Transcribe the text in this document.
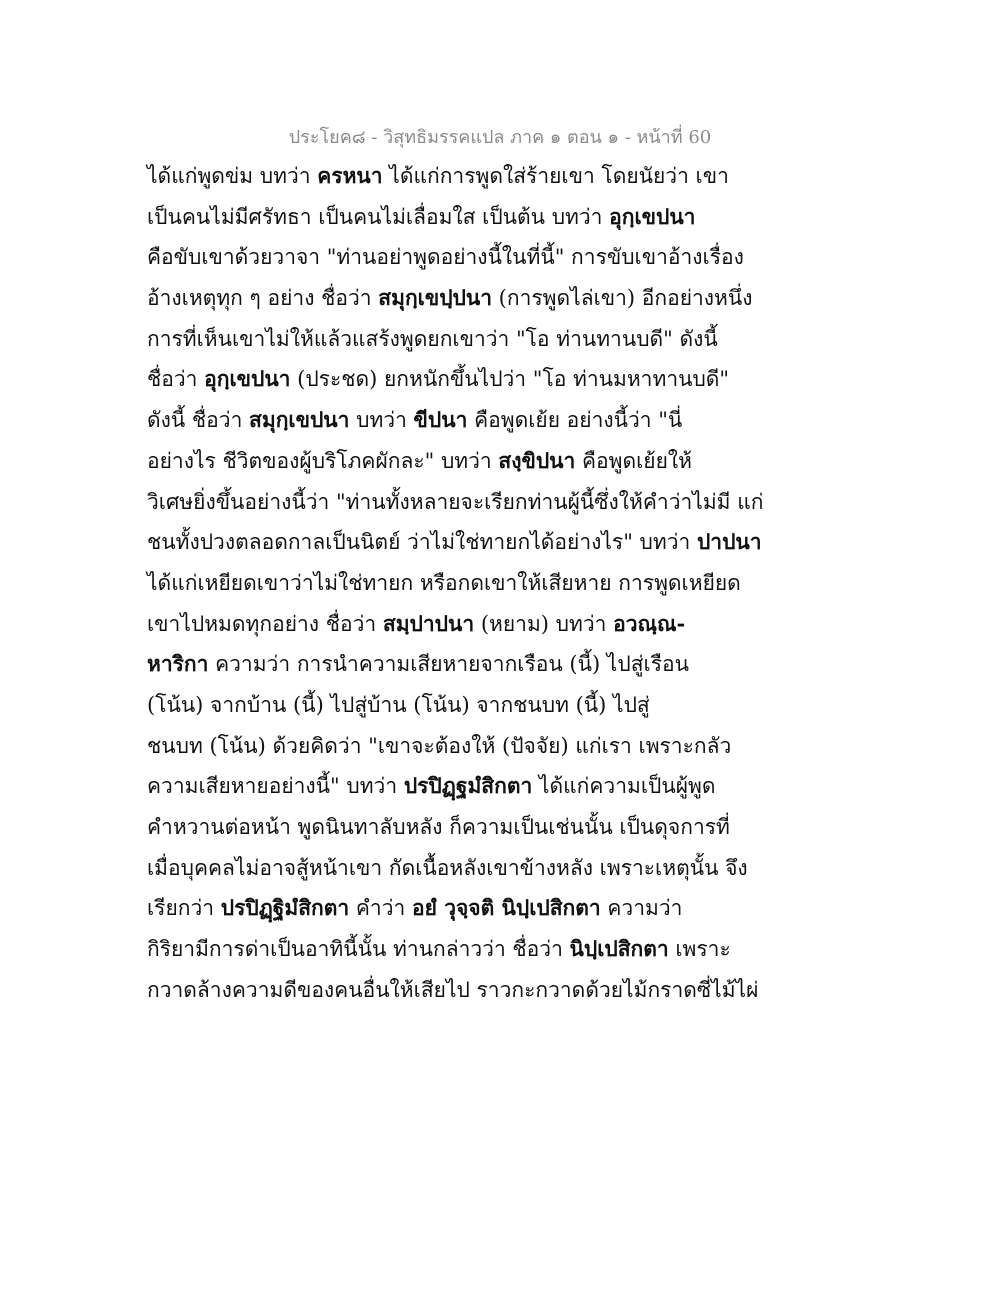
ประโยค๘ - วิสุทธิมรรคแปล ภาค ๑ ตอน ๑ - หน้าที่ 60
ได้แก่พูดข่ม บทว่า ครหนา ได้แก่การพูดใส่ร้ายเขา โดยนัยว่า เขา
เป็นคนไม่มีศรัทธา เป็นคนไม่เลื่อมใส เป็นต้น บทว่า อุกฺเขปนา
คือขับเขาด้วยวาจา "ท่านอย่าพูดอย่างนี้ในที่นี้" การขับเขาอ้างเรื่อง
อ้างเหตุทุก ๆ อย่าง ชื่อว่า สมุกฺเขปฺปนา (การพูดไล่เขา) อีกอย่างหนึ่ง
การที่เห็นเขาไม่ให้แล้วแสร้งพูดยกเขาว่า "โอ ท่านทานบดี" ดังนี้
ชื่อว่า อุกฺเขปนา (ประชด) ยกหนักขึ้นไปว่า "โอ ท่านมหาทานบดี"
ดังนี้ ชื่อว่า สมุกฺเขปนา บทว่า ขีปนา คือพูดเย้ย อย่างนี้ว่า "นี่
อย่างไร ชีวิตของผู้บริโภคผักละ" บทว่า สงฺขิปนา คือพูดเย้ยให้
วิเศษยิ่งขึ้นอย่างนี้ว่า "ท่านทั้งหลายจะเรียกท่านผู้นี้ซึ่งให้คำว่าไม่มี แก่
ชนทั้งปวงตลอดกาลเป็นนิตย์ ว่าไม่ใช่ทายกได้อย่างไร" บทว่า ปาปนา
ได้แก่เหยียดเขาว่าไม่ใช่ทายก หรือกดเขาให้เสียหาย การพูดเหยียด
เขาไปหมดทุกอย่าง ชื่อว่า สมฺปาปนา (หยาม) บทว่า อวณฺณ-
หาริกา ความว่า การนำความเสียหายจากเรือน (นี้) ไปสู่เรือน
(โน้น) จากบ้าน (นี้) ไปสู่บ้าน (โน้น) จากชนบท (นี้) ไปสู่
ชนบท (โน้น) ด้วยคิดว่า "เขาจะต้องให้ (ปัจจัย) แก่เรา เพราะกลัว
ความเสียหายอย่างนี้" บทว่า ปรปิฏฺฐมํสิกตา ได้แก่ความเป็นผู้พูด
คำหวานต่อหน้า พูดนินทาลับหลัง ก็ความเป็นเช่นนั้น เป็นดุจการที่
เมื่อบุคคลไม่อาจสู้หน้าเขา กัดเนื้อหลังเขาข้างหลัง เพราะเหตุนั้น จึง
เรียกว่า ปรปิฏฺฐิมํสิกตา คำว่า อยํ วุจฺจติ นิปฺเปสิกตา ความว่า
กิริยามีการด่าเป็นอาทินี้นั้น ท่านกล่าวว่า ชื่อว่า นิปฺเปสิกตา เพราะ
กวาดล้างความดีของคนอื่นให้เสียไป ราวกะกวาดด้วยไม้กราดซี่ไม้ไผ่
